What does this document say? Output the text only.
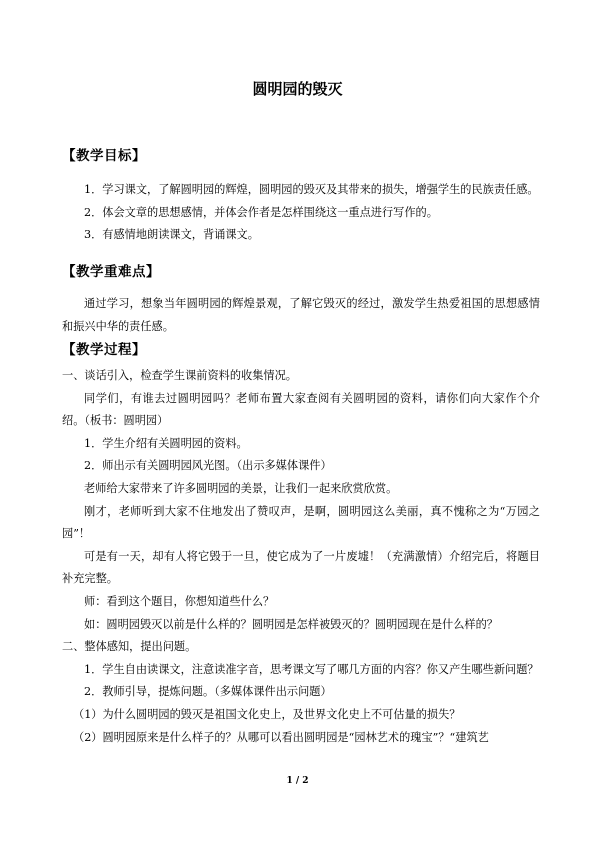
圆明园的毁灭
【教学目标】

1．学习课文，了解圆明园的辉煌，圆明园的毁灭及其带来的损失，增强学生的民族责任感。

2．体会文章的思想感情，并体会作者是怎样围绕这一重点进行写作的。

3．有感情地朗读课文，背诵课文。

【教学重难点】

通过学习，想象当年圆明园的辉煌景观，了解它毁灭的经过，激发学生热爱祖国的思想感情和振兴中华的责任感。

【教学过程】

一、谈话引入，检查学生课前资料的收集情况。

同学们，有谁去过圆明园吗？老师布置大家查阅有关圆明园的资料，请你们向大家作个介绍。（板书：圆明园）

1．学生介绍有关圆明园的资料。

2．师出示有关圆明园风光图。（出示多媒体课件）

老师给大家带来了许多圆明园的美景，让我们一起来欣赏欣赏。

刚才，老师听到大家不住地发出了赞叹声，是啊，圆明园这么美丽，真不愧称之为“万园之园”！

可是有一天，却有人将它毁于一旦，使它成为了一片废墟！（充满激情）介绍完后，将题目补充完整。

师：看到这个题目，你想知道些什么？

如：圆明园毁灭以前是什么样的？圆明园是怎样被毁灭的？圆明园现在是什么样的？

二、整体感知，提出问题。

1．学生自由读课文，注意读准字音，思考课文写了哪几方面的内容？你又产生哪些新问题？

2．教师引导，提炼问题。（多媒体课件出示问题）

（1）为什么圆明园的毁灭是祖国文化史上，及世界文化史上不可估量的损失？

（2）圆明园原来是什么样子的？从哪可以看出圆明园是“园林艺术的瑰宝”？“建筑艺

1 / 2
